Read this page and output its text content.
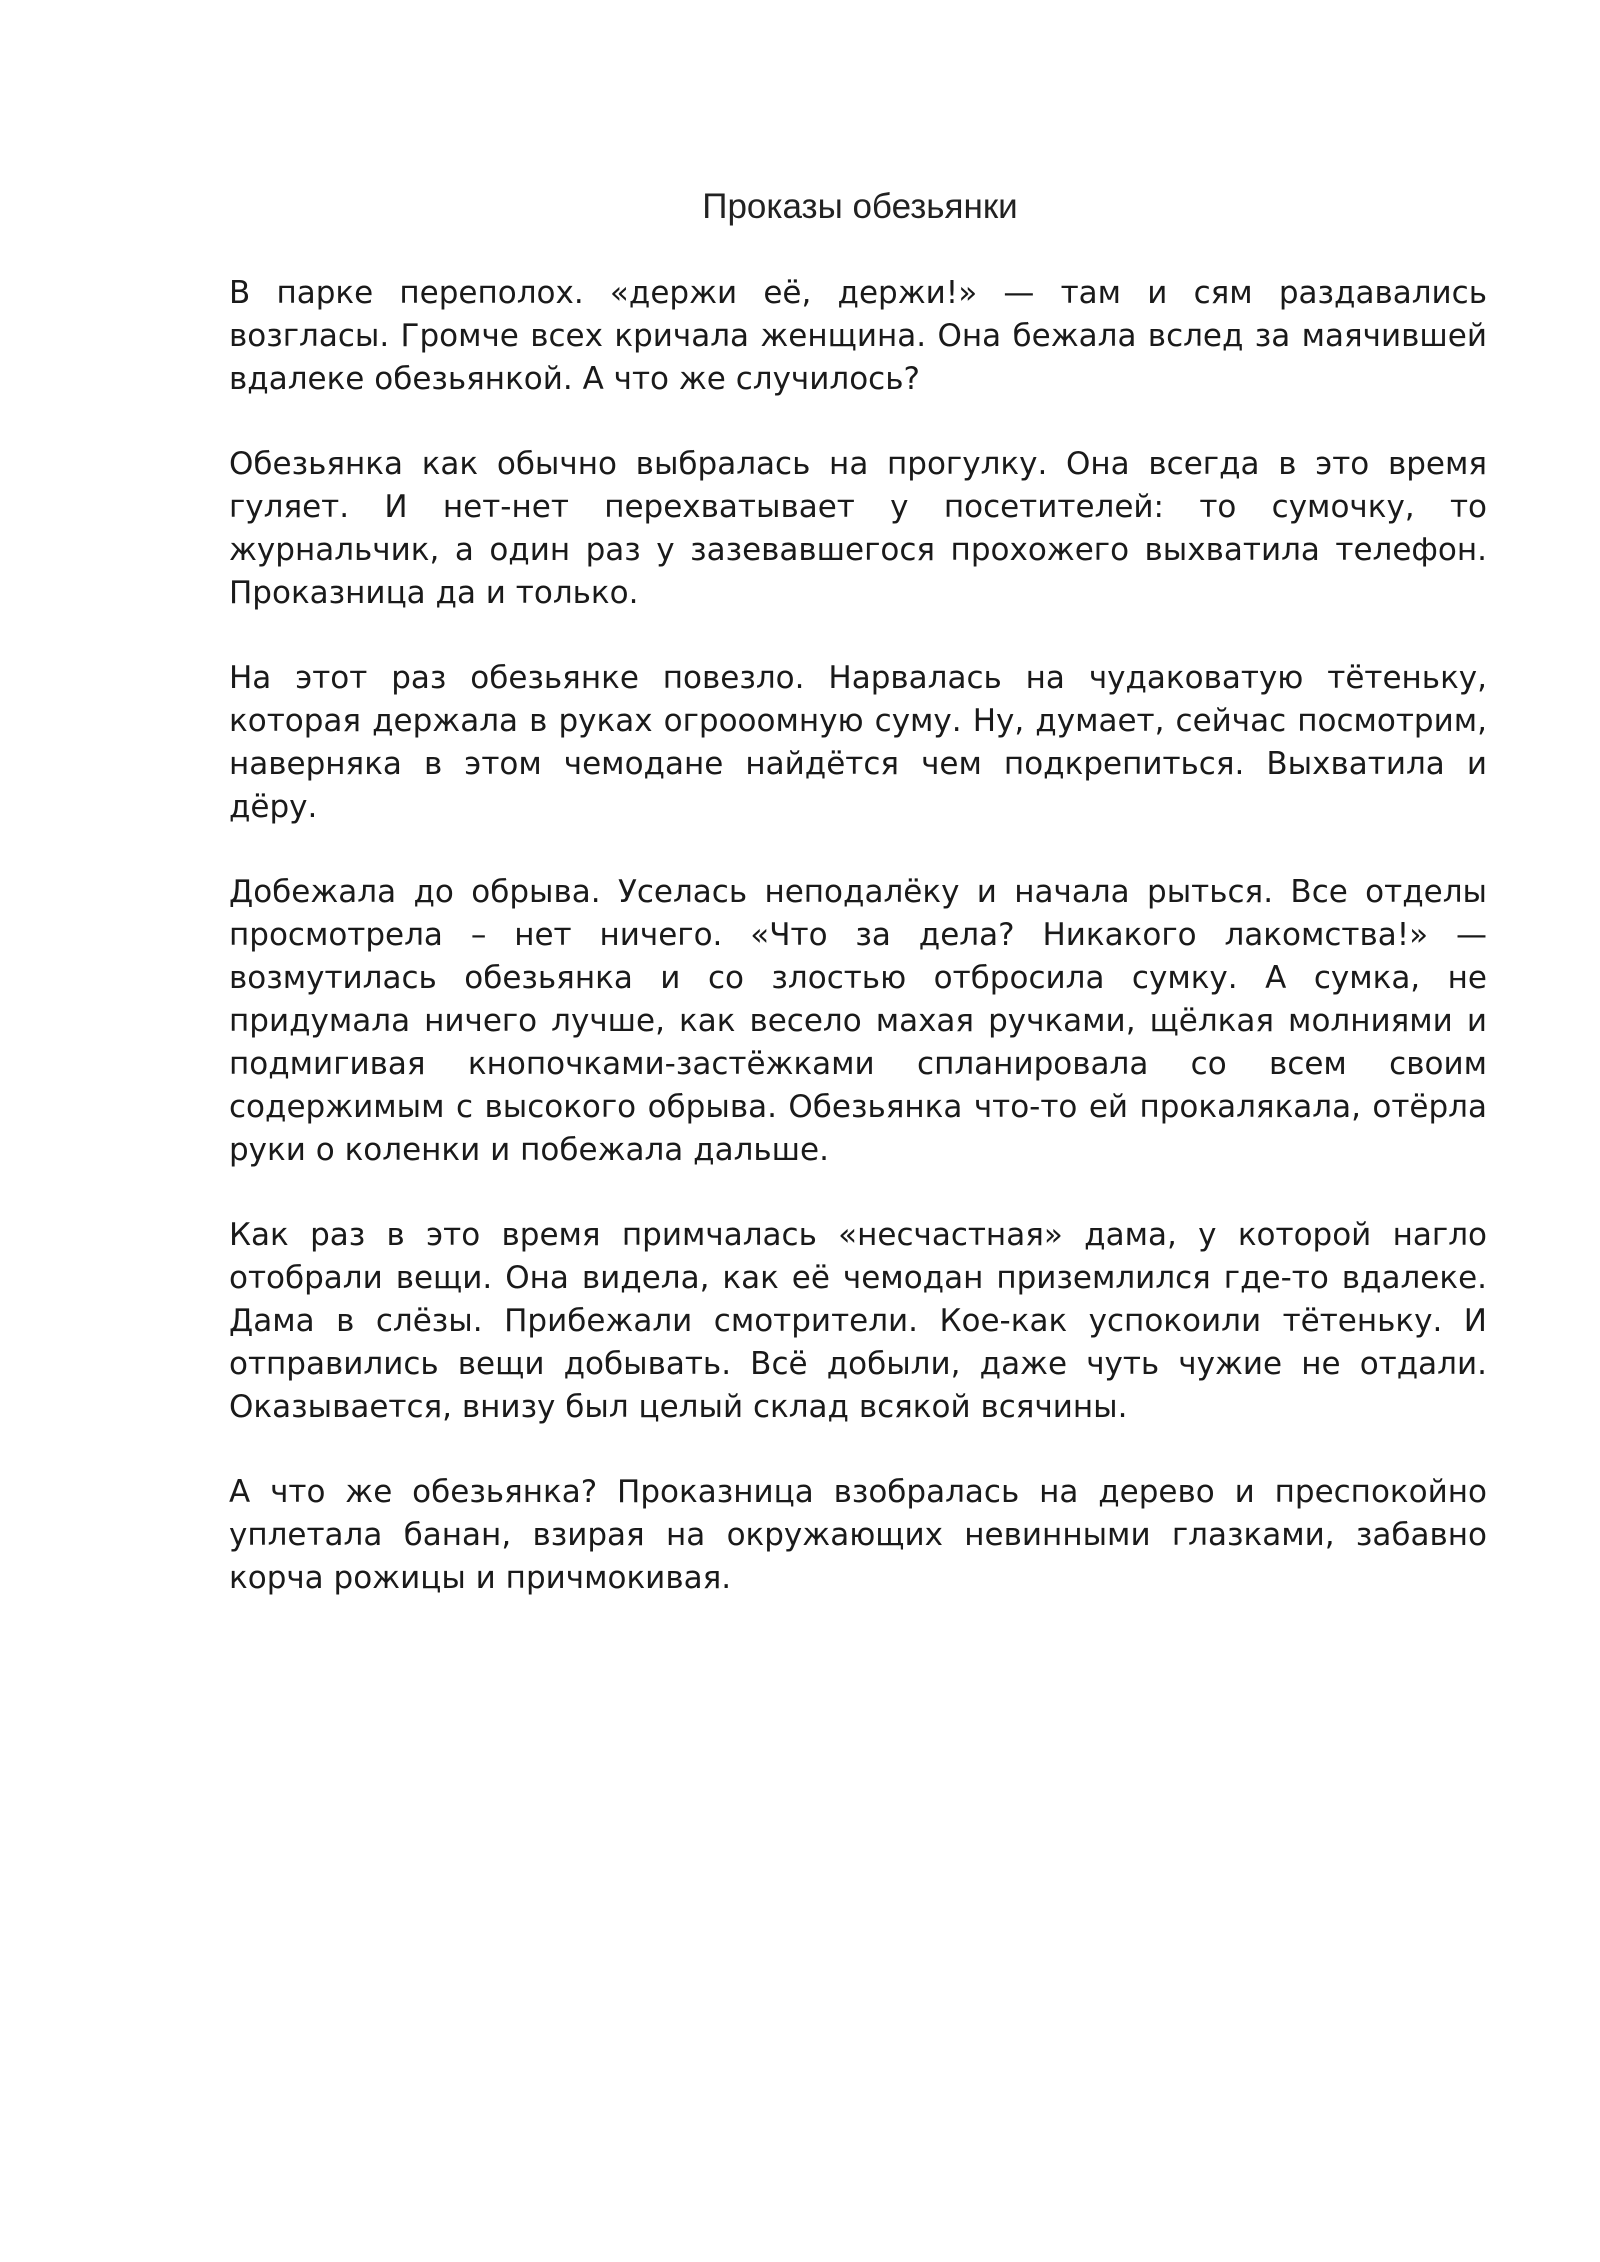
Проказы обезьянки

В парке переполох. «держи её, держи!» — там и сям раздавались возгласы. Громче всех кричала женщина. Она бежала вслед за маячившей вдалеке обезьянкой. А что же случилось?

Обезьянка как обычно выбралась на прогулку. Она всегда в это время гуляет. И нет-нет перехватывает у посетителей: то сумочку, то журнальчик, а один раз у зазевавшегося прохожего выхватила телефон. Проказница да и только.

На этот раз обезьянке повезло. Нарвалась на чудаковатую тётеньку, которая держала в руках огрооомную суму. Ну, думает, сейчас посмотрим, наверняка в этом чемодане найдётся чем подкрепиться. Выхватила и дёру.

Добежала до обрыва. Уселась неподалёку и начала рыться. Все отделы просмотрела – нет ничего. «Что за дела? Никакого лакомства!» — возмутилась обезьянка и со злостью отбросила сумку. А сумка, не придумала ничего лучше, как весело махая ручками, щёлкая молниями и подмигивая кнопочками-застёжками спланировала со всем своим содержимым с высокого обрыва. Обезьянка что-то ей прокалякала, отёрла руки о коленки и побежала дальше.

Как раз в это время примчалась «несчастная» дама, у которой нагло отобрали вещи. Она видела, как её чемодан приземлился где-то вдалеке. Дама в слёзы. Прибежали смотрители. Кое-как успокоили тётеньку. И отправились вещи добывать. Всё добыли, даже чуть чужие не отдали. Оказывается, внизу был целый склад всякой всячины.

А что же обезьянка? Проказница взобралась на дерево и преспокойно уплетала банан, взирая на окружающих невинными глазками, забавно корча рожицы и причмокивая.
